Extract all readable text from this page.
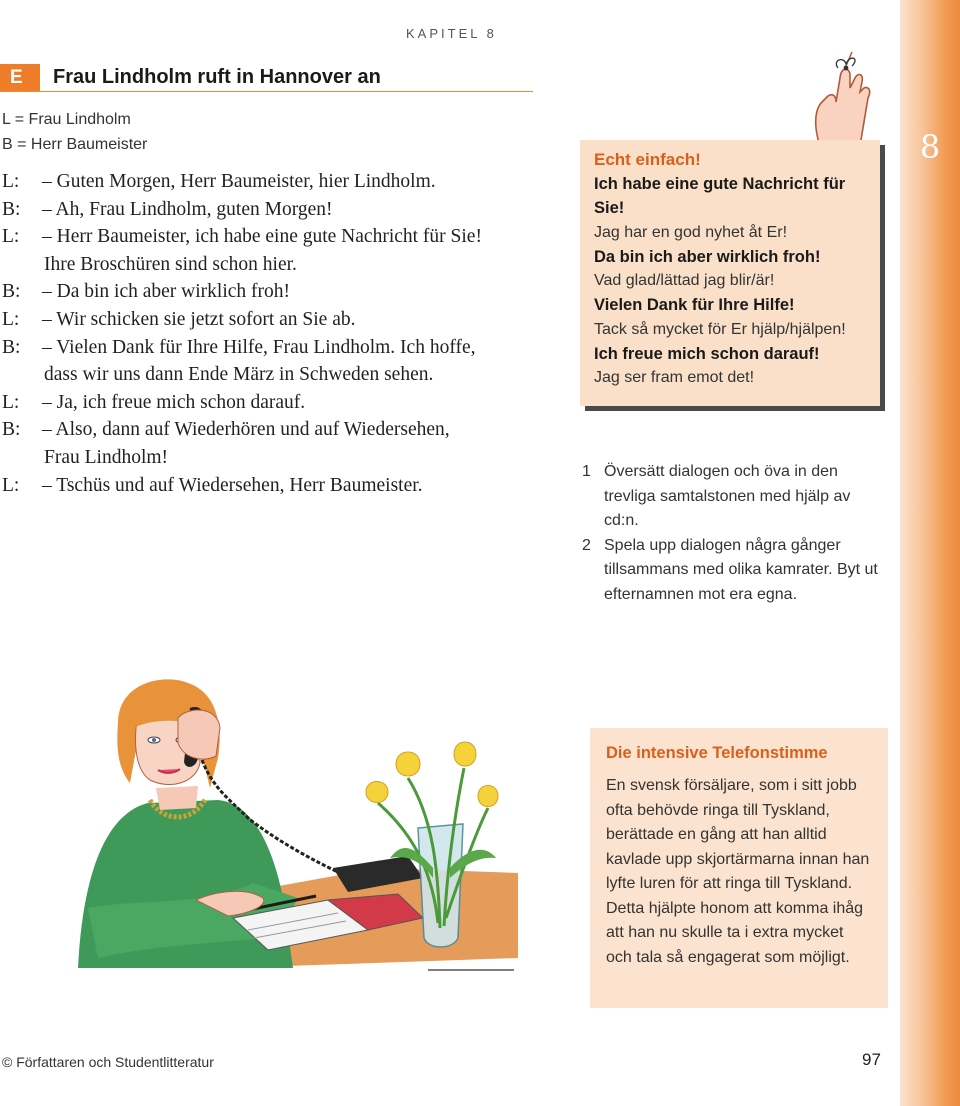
8
KAPITEL 8
E	Frau Lindholm ruft in Hannover an
L = Frau Lindholm
B = Herr Baumeister
L:	– Guten Morgen, Herr Baumeister, hier Lindholm.
B:	– Ah, Frau Lindholm, guten Morgen!
L:	– Herr Baumeister, ich habe eine gute Nachricht für Sie!
Ihre Broschüren sind schon hier.
B:	– Da bin ich aber wirklich froh!
L:	– Wir schicken sie jetzt sofort an Sie ab.
B:	– Vielen Dank für Ihre Hilfe, Frau Lindholm. Ich hoffe,
dass wir uns dann Ende März in Schweden sehen.
L:	– Ja, ich freue mich schon darauf.
B:	– Also, dann auf Wiederhören und auf Wiedersehen,
Frau Lindholm!
L:	– Tschüs und auf Wiedersehen, Herr Baumeister.
Echt einfach!
Ich habe eine gute Nachricht für Sie!
Jag har en god nyhet åt Er!
Da bin ich aber wirklich froh!
Vad glad/lättad jag blir/är!
Vielen Dank für Ihre Hilfe!
Tack så mycket för Er hjälp/hjälpen!
Ich freue mich schon darauf!
Jag ser fram emot det!
1 Översätt dialogen och öva in den trevliga samtalstonen med hjälp av cd:n.
2 Spela upp dialogen några gånger tillsammans med olika kamrater. Byt ut efternamnen mot era egna.
Die intensive Telefonstimme
En svensk försäljare, som i sitt jobb ofta behövde ringa till Tyskland, berättade en gång att han alltid kavlade upp skjortärmarna innan han lyfte luren för att ringa till Tyskland. Detta hjälpte honom att komma ihåg att han nu skulle ta i extra mycket och tala så engagerat som möjligt.
© Författaren och Studentlitteratur	97
